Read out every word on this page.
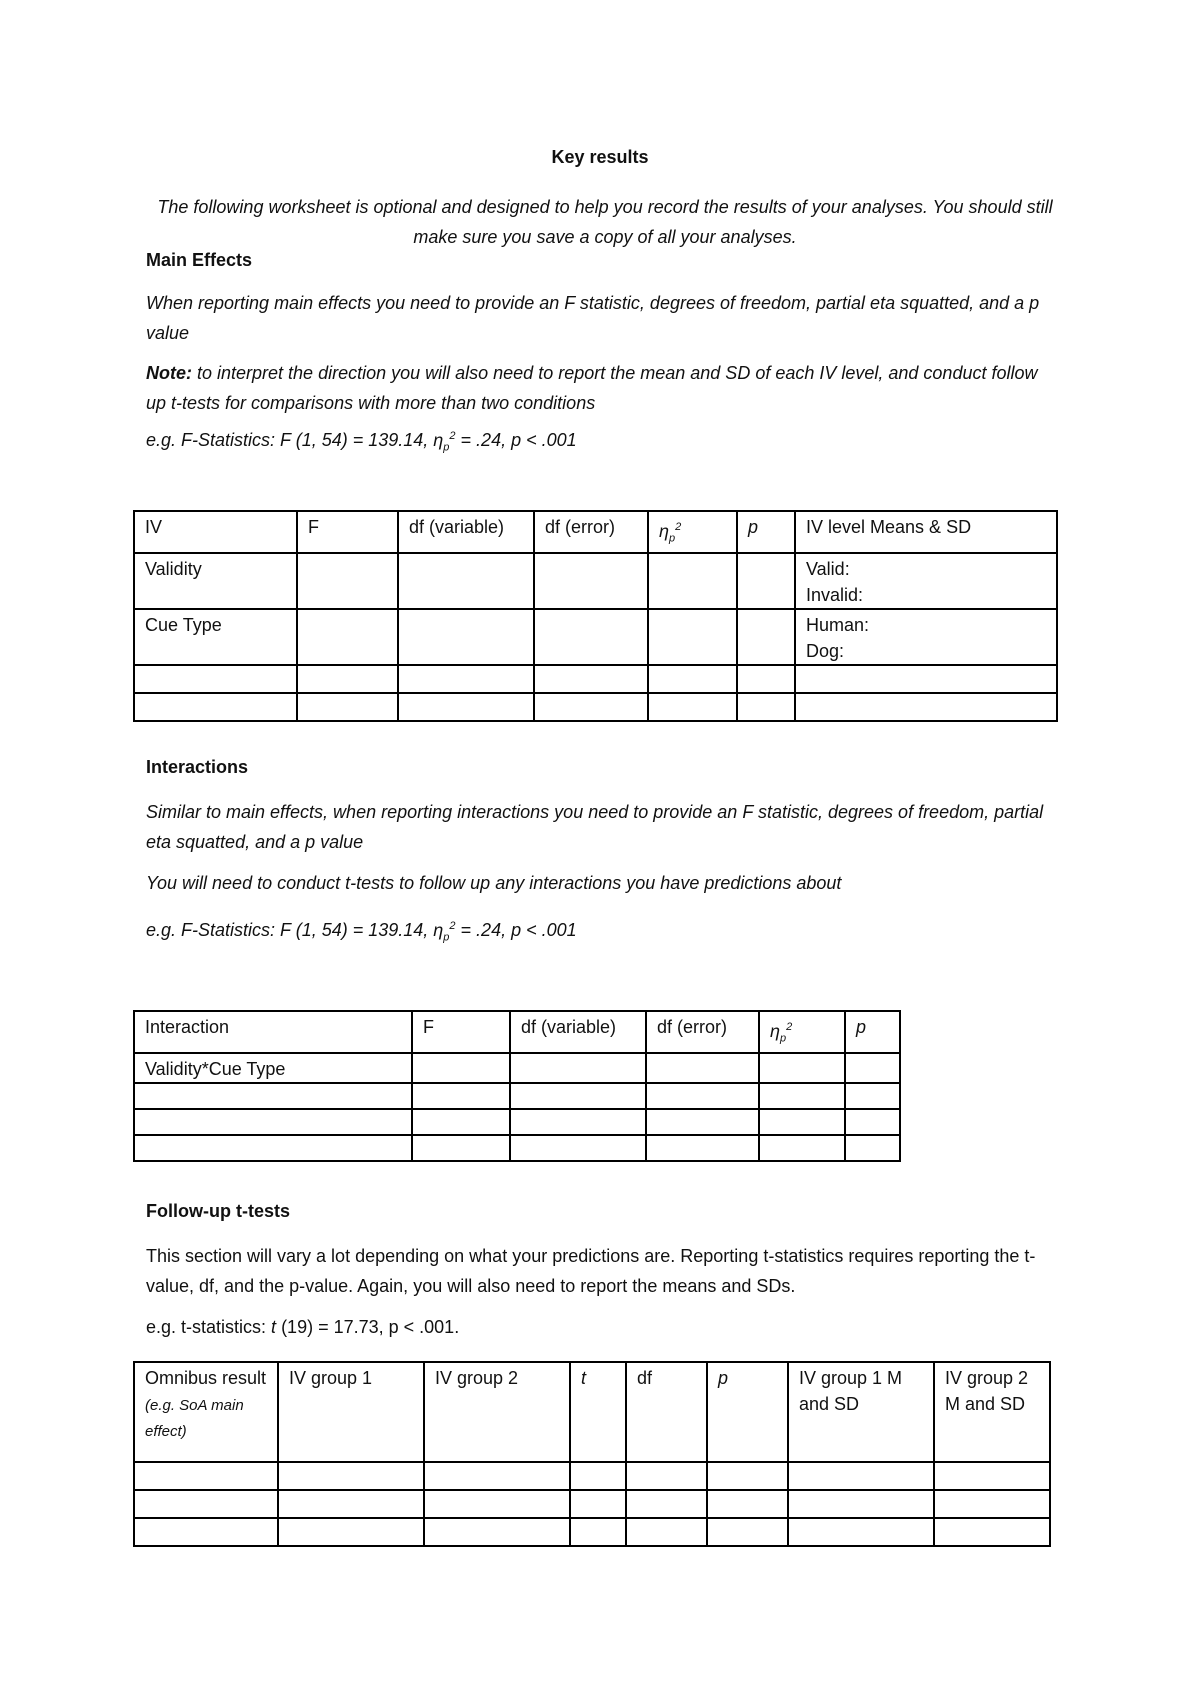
Key results
The following worksheet is optional and designed to help you record the results of your analyses. You should still make sure you save a copy of all your analyses.
Main Effects
When reporting main effects you need to provide an F statistic, degrees of freedom, partial eta squatted, and a p value
Note: to interpret the direction you will also need to report the mean and SD of each IV level, and conduct follow up t-tests for comparisons with more than two conditions
e.g. F-Statistics: F (1, 54) = 139.14, $\eta_p^2 = .24$, p < .001
IV	F	df (variable)	df (error)	$\eta_p^2$	p	IV level Means & SD
Validity						Valid:
Invalid:

Cue Type						Human:
Dog:

Interactions
Similar to main effects, when reporting interactions you need to provide an F statistic, degrees of freedom, partial eta squatted, and a p value
You will need to conduct t-tests to follow up any interactions you have predictions about
e.g. F-Statistics: F (1, 54) = 139.14, $\eta_p^2 = .24$, p < .001
Interaction	F	df (variable)	df (error)	$\eta_p^2$	p
Validity*Cue Type					

Follow-up t-tests
This section will vary a lot depending on what your predictions are. Reporting t-statistics requires reporting the t-value, df, and the p-value. Again, you will also need to report the means and SDs.
e.g. t-statistics: t (19) = 17.73, p < .001.
Omnibus result (e.g. SoA main effect)	IV group 1	IV group 2	t	df	p	IV group 1 M and SD	IV group 2 M and SD
